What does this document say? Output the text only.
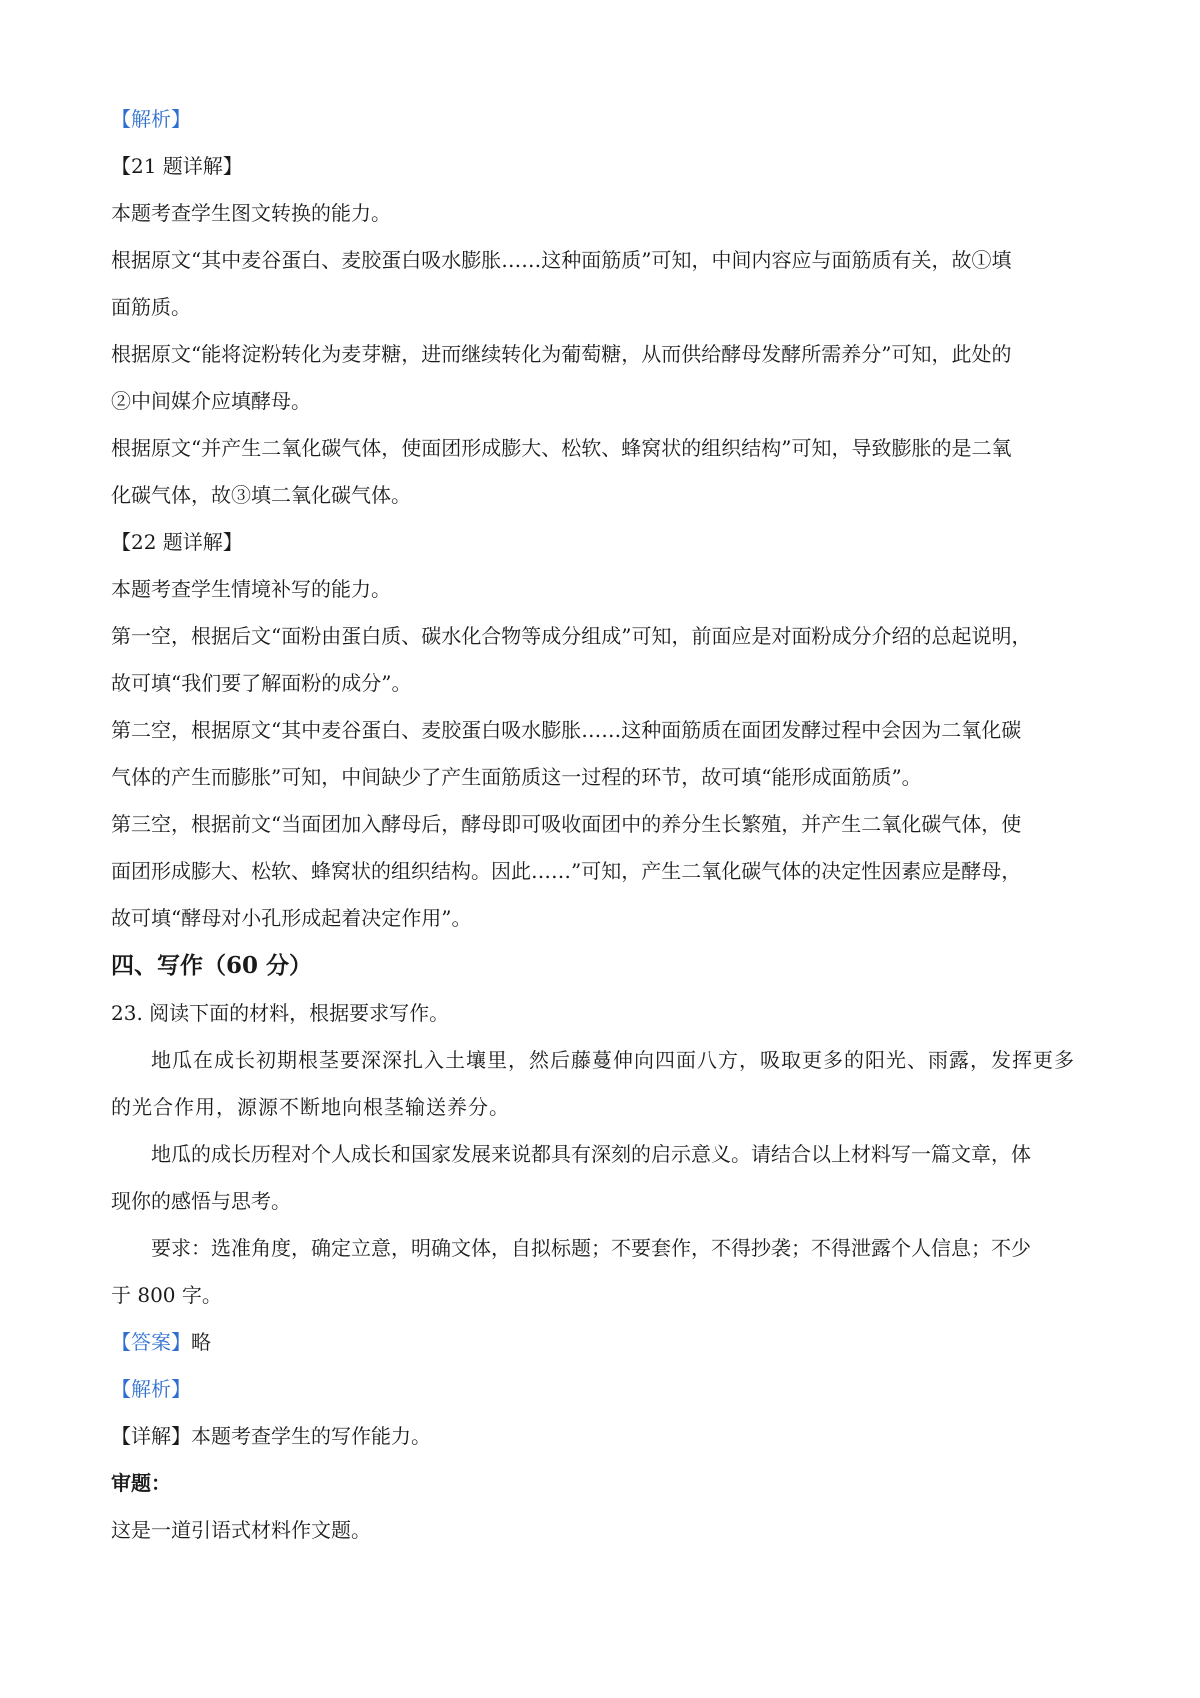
【解析】

【21 题详解】

本题考查学生图文转换的能力。

根据原文“其中麦谷蛋白、麦胶蛋白吸水膨胀……这种面筋质”可知，中间内容应与面筋质有关，故①填

面筋质。

根据原文“能将淀粉转化为麦芽糖，进而继续转化为葡萄糖，从而供给酵母发酵所需养分”可知，此处的

②中间媒介应填酵母。

根据原文“并产生二氧化碳气体，使面团形成膨大、松软、蜂窝状的组织结构”可知，导致膨胀的是二氧

化碳气体，故③填二氧化碳气体。

【22 题详解】

本题考查学生情境补写的能力。

第一空，根据后文“面粉由蛋白质、碳水化合物等成分组成”可知，前面应是对面粉成分介绍的总起说明，

故可填“我们要了解面粉的成分”。

第二空，根据原文“其中麦谷蛋白、麦胶蛋白吸水膨胀……这种面筋质在面团发酵过程中会因为二氧化碳

气体的产生而膨胀”可知，中间缺少了产生面筋质这一过程的环节，故可填“能形成面筋质”。

第三空，根据前文“当面团加入酵母后，酵母即可吸收面团中的养分生长繁殖，并产生二氧化碳气体，使

面团形成膨大、松软、蜂窝状的组织结构。因此……”可知，产生二氧化碳气体的决定性因素应是酵母，

故可填“酵母对小孔形成起着决定作用”。

四、写作（60 分）

23. 阅读下面的材料，根据要求写作。

地瓜在成长初期根茎要深深扎入土壤里，然后藤蔓伸向四面八方，吸取更多的阳光、雨露，发挥更多

的光合作用，源源不断地向根茎输送养分。

地瓜的成长历程对个人成长和国家发展来说都具有深刻的启示意义。请结合以上材料写一篇文章，体

现你的感悟与思考。

要求：选准角度，确定立意，明确文体，自拟标题；不要套作，不得抄袭；不得泄露个人信息；不少

于 800 字。

【答案】略

【解析】

【详解】本题考查学生的写作能力。

审题：

这是一道引语式材料作文题。
